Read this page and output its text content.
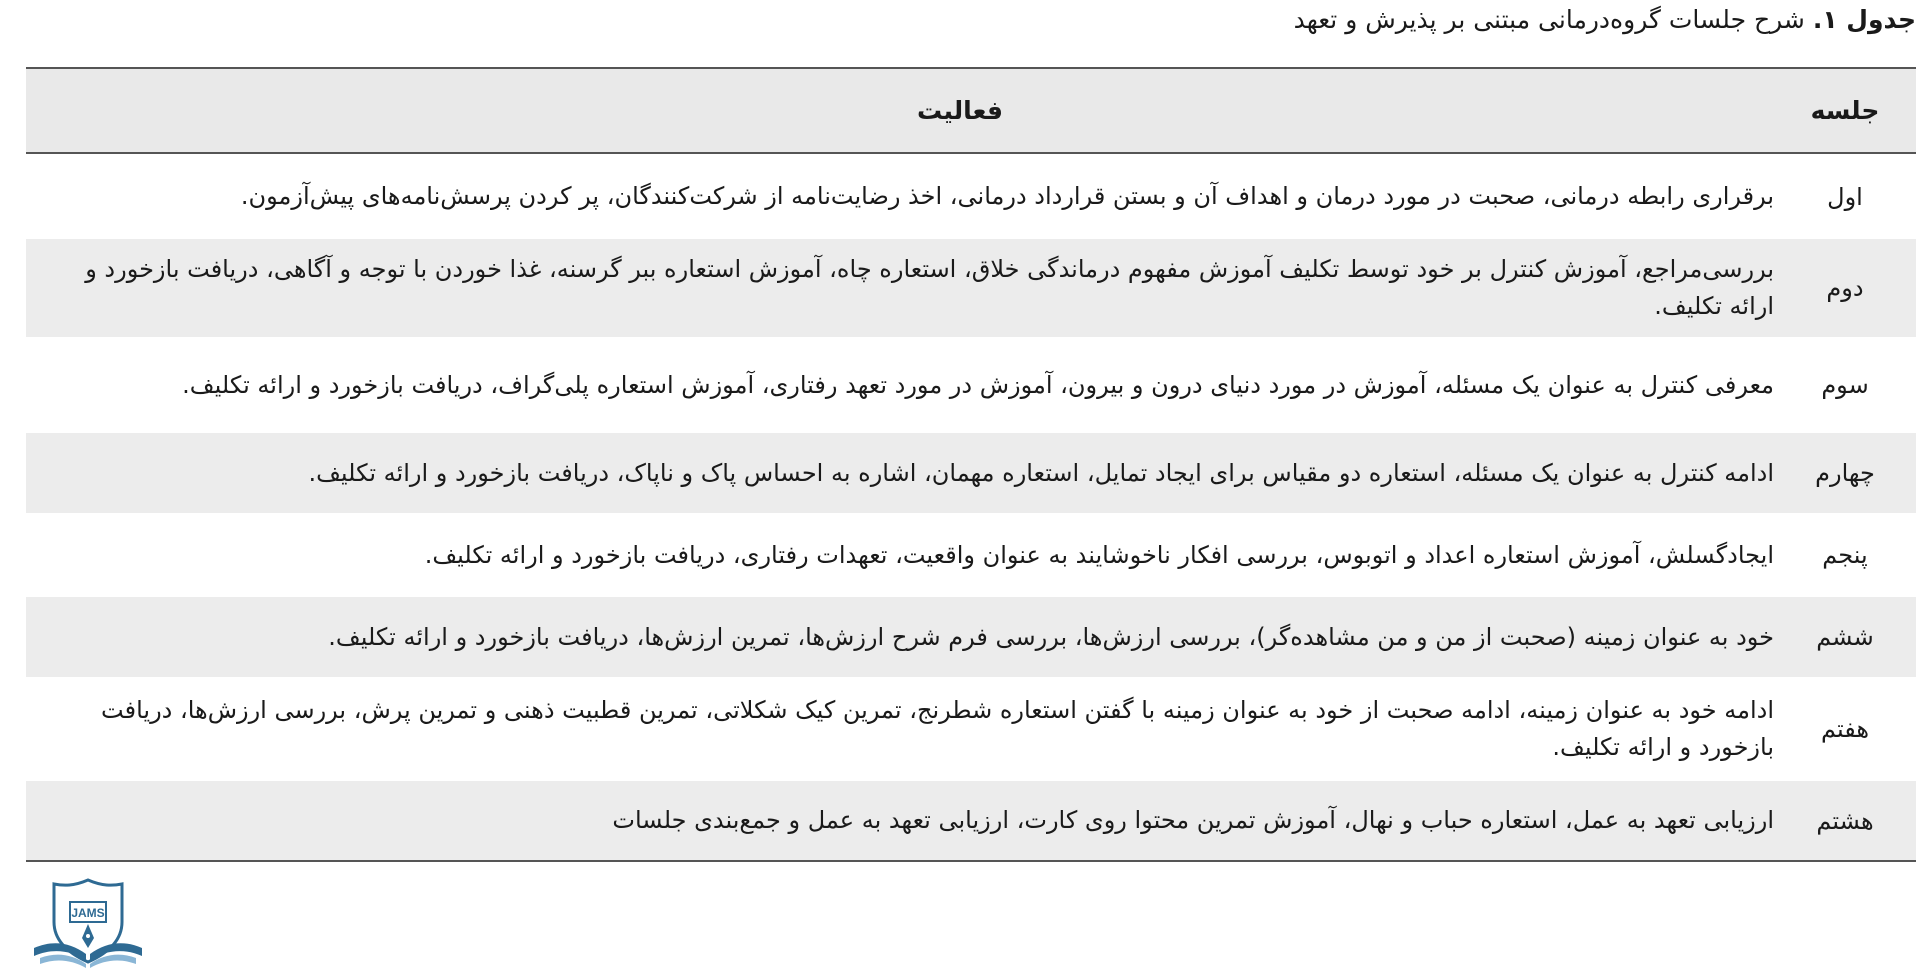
جدول ۱. شرح جلسات گروه‌درمانی مبتنی بر پذیرش و تعهد
جلسه	فعالیت
اول	برقراری رابطه درمانی، صحبت در مورد درمان و اهداف آن و بستن قرارداد درمانی، اخذ رضایت‌نامه از شرکت‌کنندگان، پر کردن پرسش‌نامه‌های پیش‌آزمون.
دوم	بررسی‌مراجع، آموزش کنترل بر خود توسط تکلیف آموزش مفهوم درماندگی خلاق، استعاره چاه، آموزش استعاره ببر گرسنه، غذا خوردن با توجه و آگاهی، دریافت بازخورد و ارائه تکلیف.
سوم	معرفی کنترل به عنوان یک مسئله، آموزش در مورد دنیای درون و بیرون، آموزش در مورد تعهد رفتاری، آموزش استعاره پلی‌گراف، دریافت بازخورد و ارائه تکلیف.
چهارم	ادامه کنترل به عنوان یک مسئله، استعاره دو مقیاس برای ایجاد تمایل، استعاره مهمان، اشاره به احساس پاک و ناپاک، دریافت بازخورد و ارائه تکلیف.
پنجم	ایجادگسلش، آموزش استعاره اعداد و اتوبوس، بررسی افکار ناخوشایند به عنوان واقعیت، تعهدات رفتاری، دریافت بازخورد و ارائه تکلیف.
ششم	خود به عنوان زمینه (صحبت از من و من مشاهده‌گر)، بررسی ارزش‌ها، بررسی فرم شرح ارزش‌ها، تمرین ارزش‌ها، دریافت بازخورد و ارائه تکلیف.
هفتم	ادامه خود به عنوان زمینه، ادامه صحبت از خود به عنوان زمینه با گفتن استعاره شطرنج، تمرین کیک شکلاتی، تمرین قطبیت ذهنی و تمرین پرش، بررسی ارزش‌ها، دریافت بازخورد و ارائه تکلیف.
هشتم	ارزیابی تعهد به عمل، استعاره حباب و نهال، آموزش تمرین محتوا روی کارت، ارزیابی تعهد به عمل و جمع‌بندی جلسات
JAMS
